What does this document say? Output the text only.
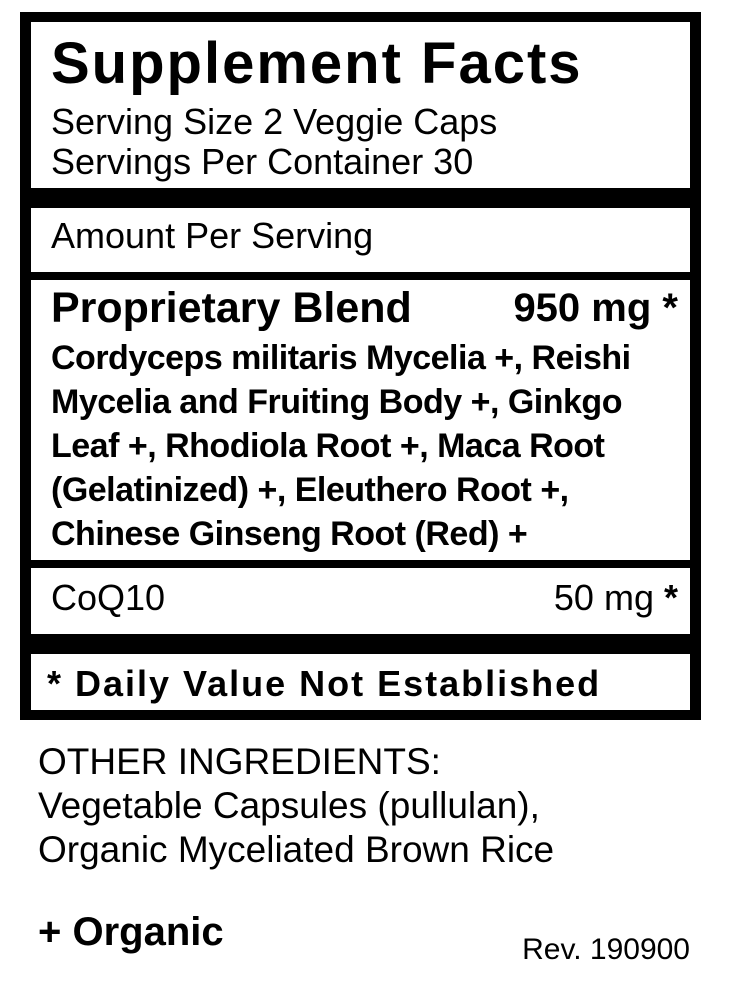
Supplement Facts

Serving Size 2 Veggie Caps

Servings Per Container 30

Amount Per Serving

Proprietary Blend	950 mg *

Cordyceps militaris Mycelia +, Reishi
Mycelia and Fruiting Body +, Ginkgo
Leaf +, Rhodiola Root +, Maca Root
(Gelatinized) +, Eleuthero Root +,
Chinese Ginseng Root (Red) +

CoQ10	50 mg *
* Daily Value Not Established

OTHER INGREDIENTS:
Vegetable Capsules (pullulan),
Organic Myceliated Brown Rice

+ Organic	Rev. 190900
